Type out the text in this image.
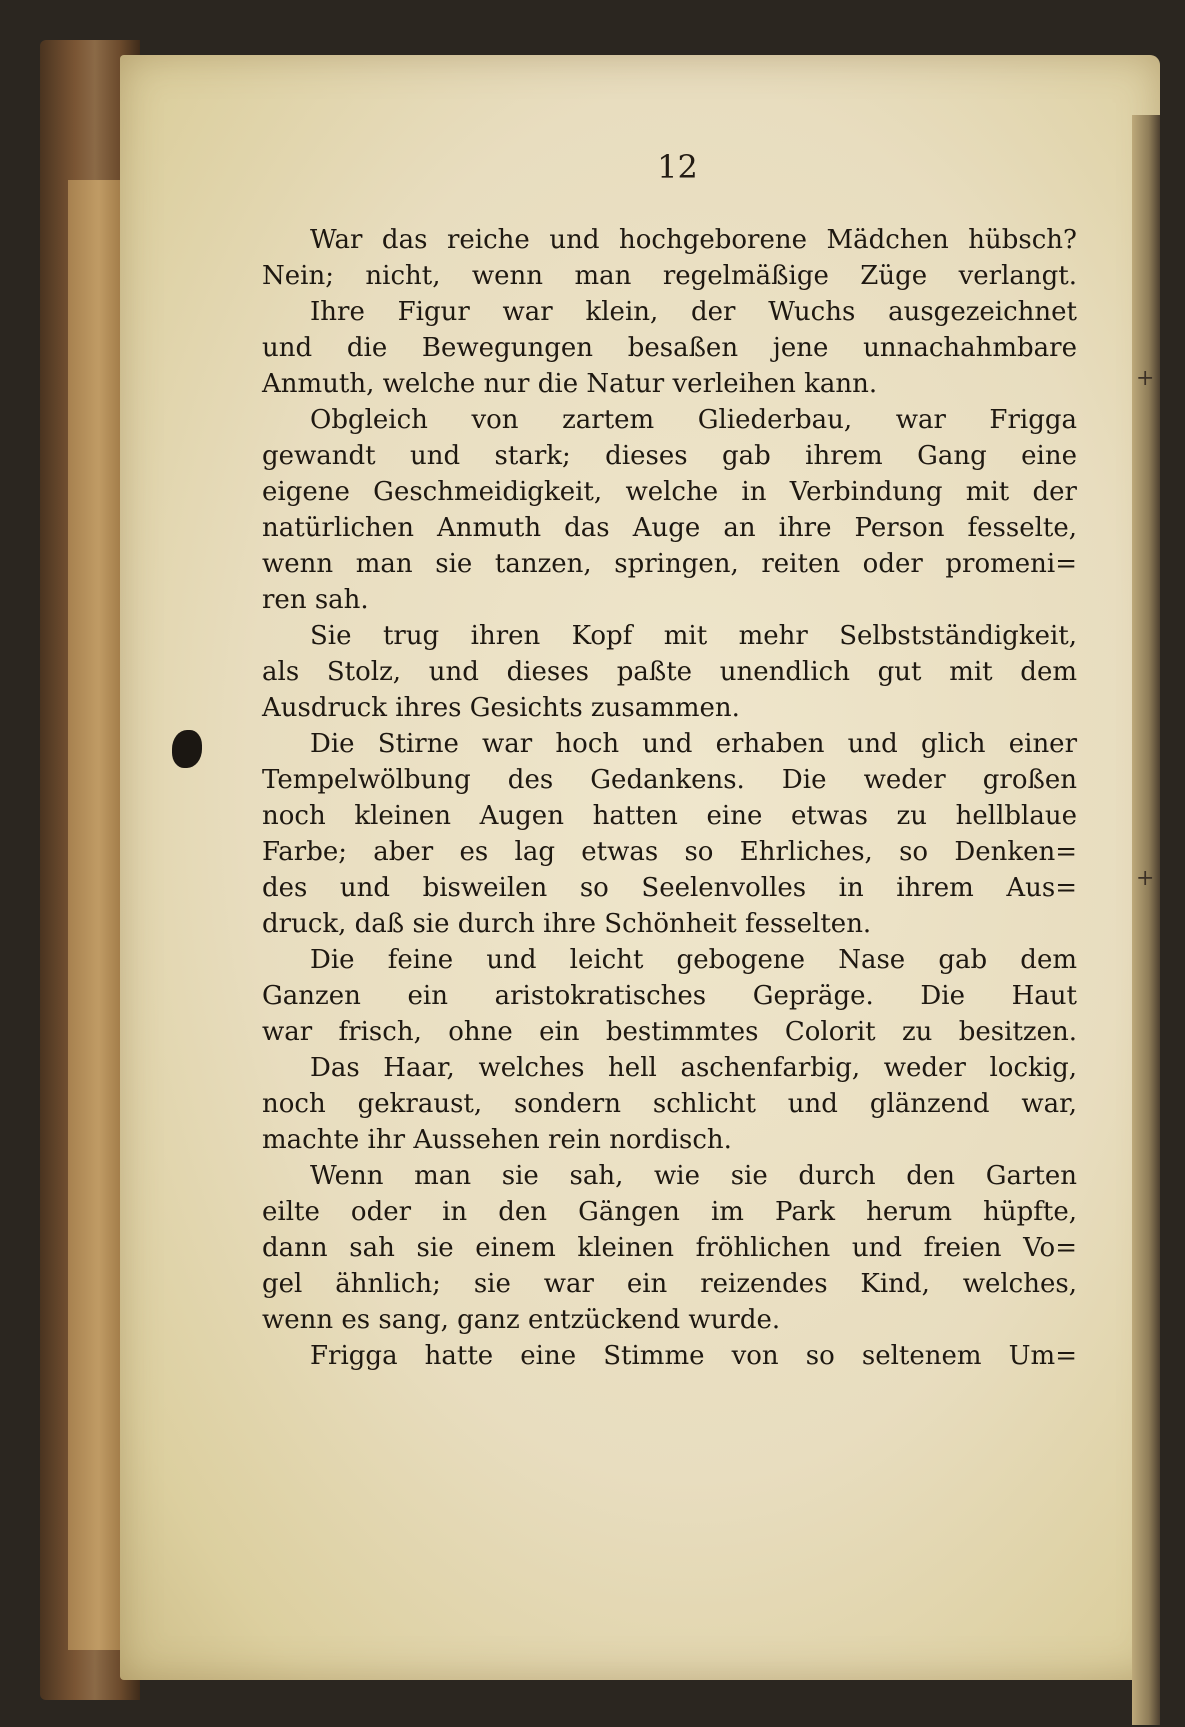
+
+
12
War das reiche und hochgeborene Mädchen hübsch?
Nein; nicht, wenn man regelmäßige Züge verlangt.
Ihre Figur war klein, der Wuchs ausgezeichnet
und die Bewegungen besaßen jene unnachahmbare
Anmuth, welche nur die Natur verleihen kann.
Obgleich von zartem Gliederbau, war Frigga
gewandt und stark; dieses gab ihrem Gang eine
eigene Geschmeidigkeit, welche in Verbindung mit der
natürlichen Anmuth das Auge an ihre Person fesselte,
wenn man sie tanzen, springen, reiten oder promeni=
ren sah.
Sie trug ihren Kopf mit mehr Selbstständigkeit,
als Stolz, und dieses paßte unendlich gut mit dem
Ausdruck ihres Gesichts zusammen.
Die Stirne war hoch und erhaben und glich einer
Tempelwölbung des Gedankens. Die weder großen
noch kleinen Augen hatten eine etwas zu hellblaue
Farbe; aber es lag etwas so Ehrliches, so Denken=
des und bisweilen so Seelenvolles in ihrem Aus=
druck, daß sie durch ihre Schönheit fesselten.
Die feine und leicht gebogene Nase gab dem
Ganzen ein aristokratisches Gepräge. Die Haut
war frisch, ohne ein bestimmtes Colorit zu besitzen.
Das Haar, welches hell aschenfarbig, weder lockig,
noch gekraust, sondern schlicht und glänzend war,
machte ihr Aussehen rein nordisch.
Wenn man sie sah, wie sie durch den Garten
eilte oder in den Gängen im Park herum hüpfte,
dann sah sie einem kleinen fröhlichen und freien Vo=
gel ähnlich; sie war ein reizendes Kind, welches,
wenn es sang, ganz entzückend wurde.
Frigga hatte eine Stimme von so seltenem Um=
